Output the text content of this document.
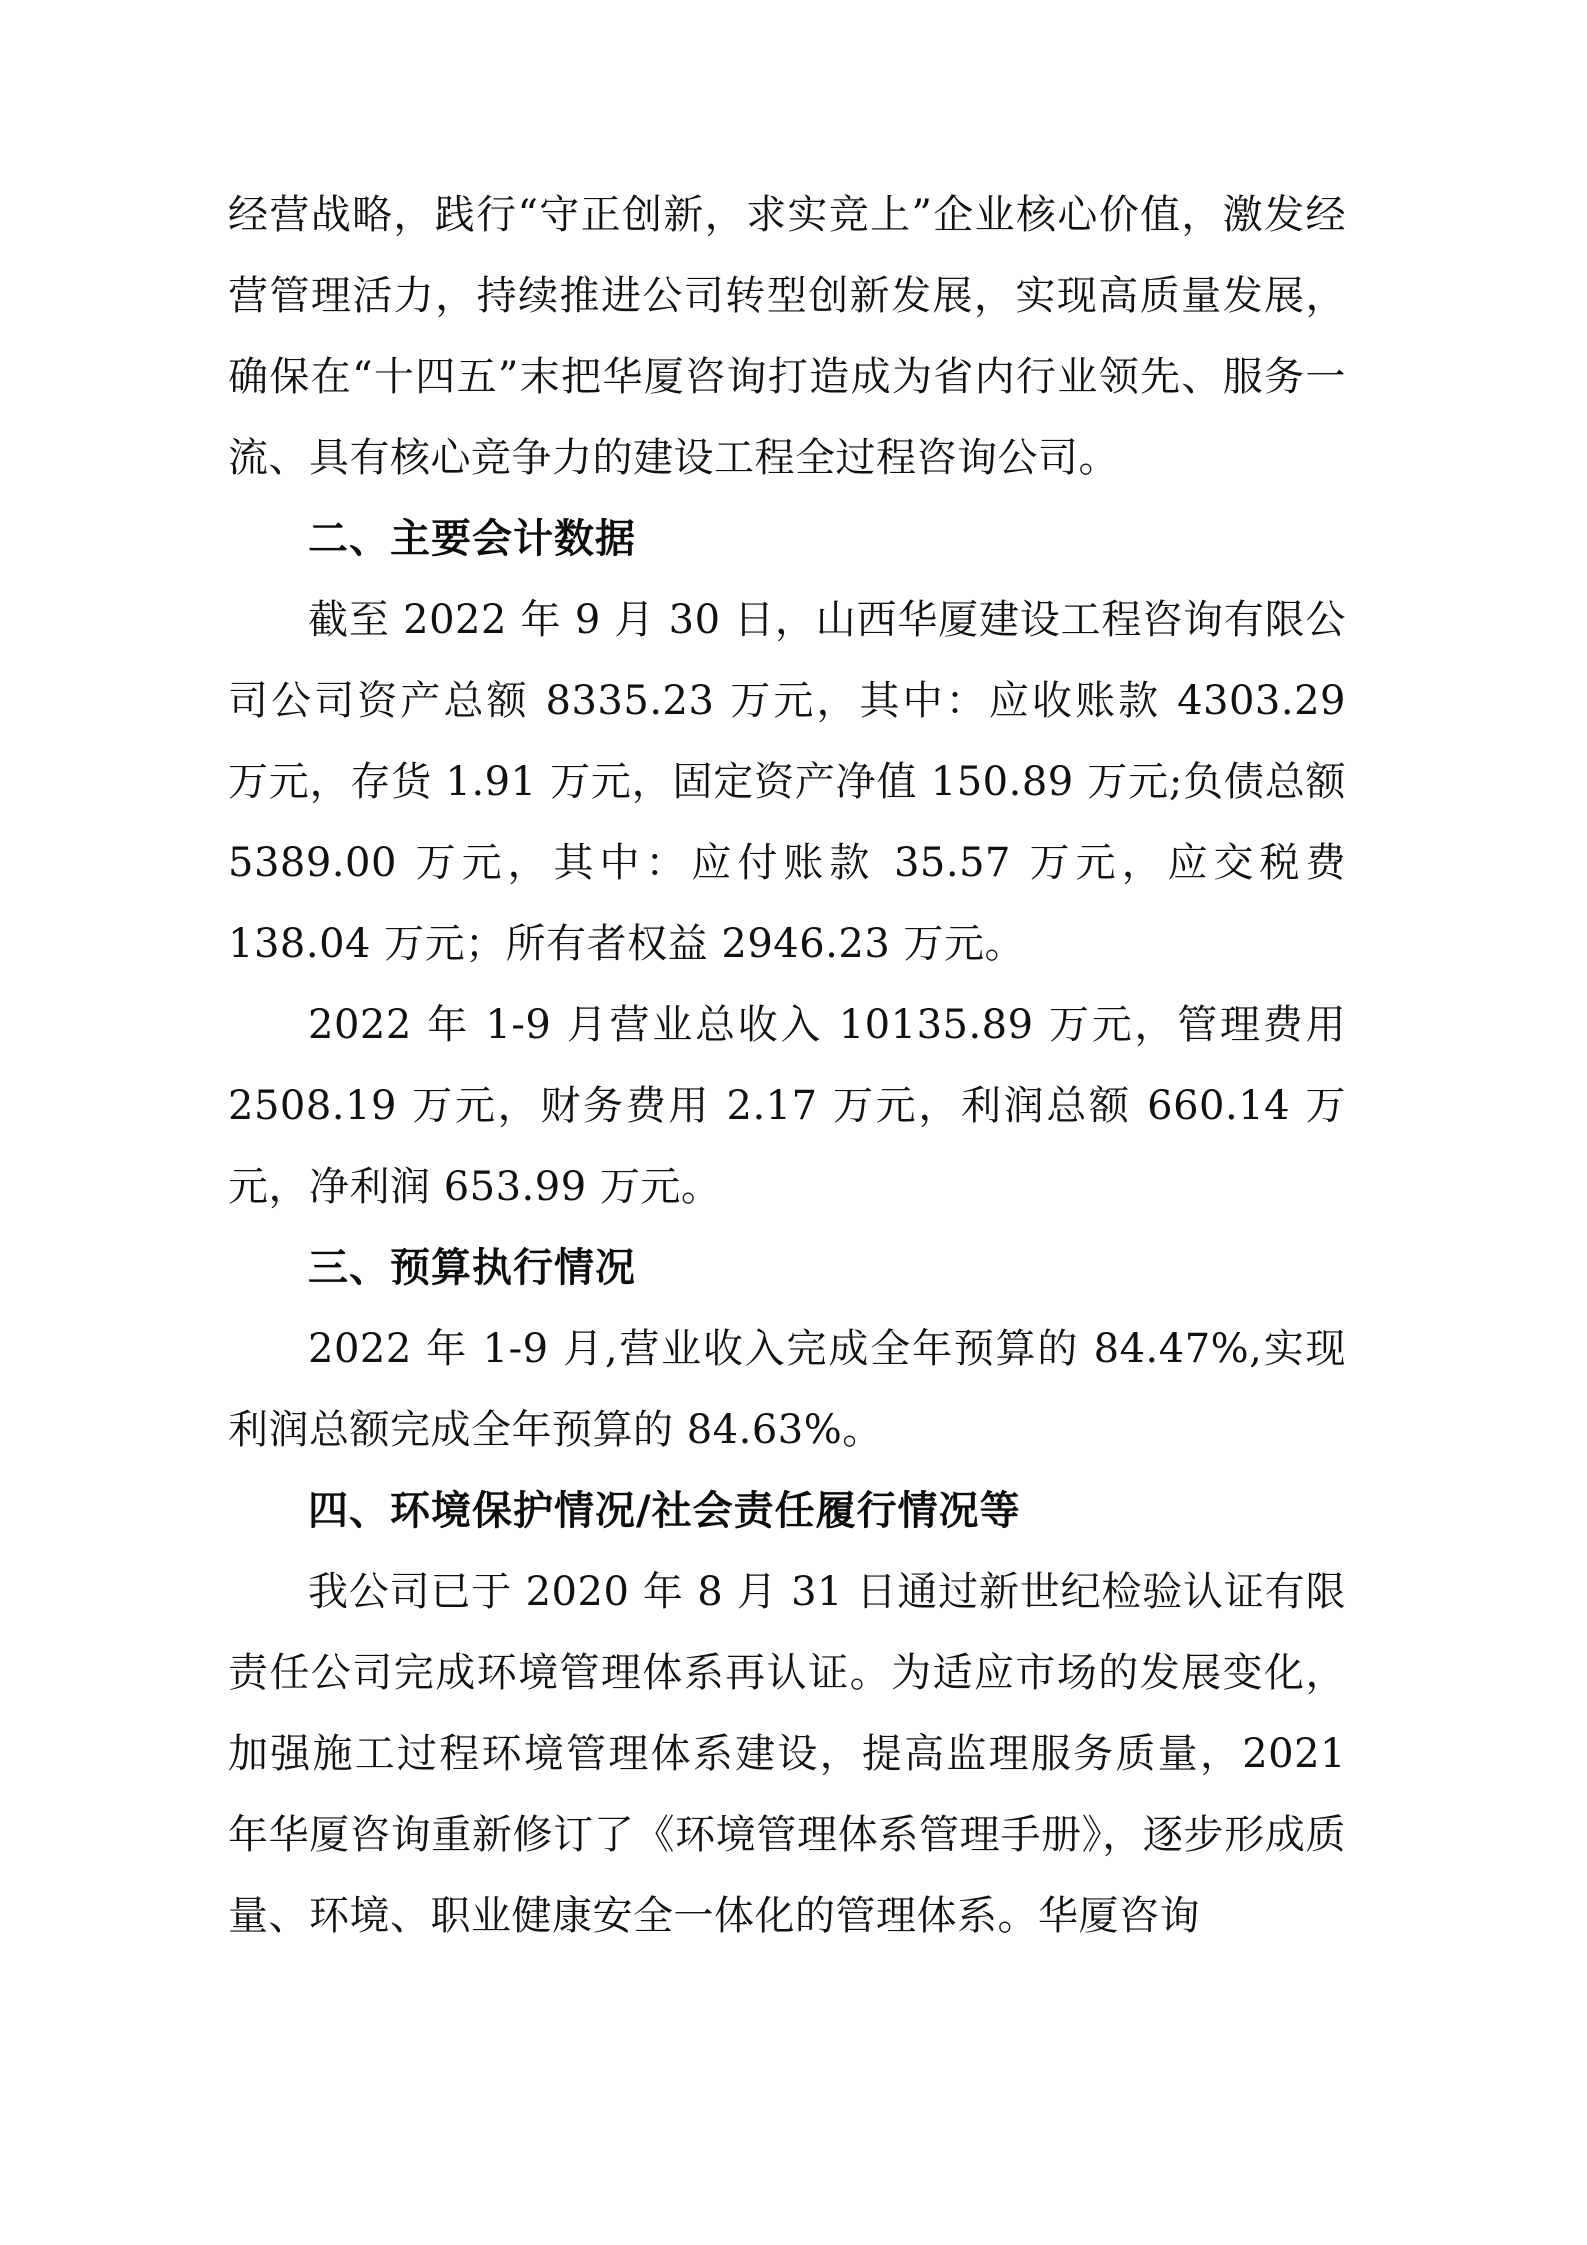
经营战略，践行“守正创新，求实竞上”企业核心价值，激发经营管理活力，持续推进公司转型创新发展，实现高质量发展，确保在“十四五”末把华厦咨询打造成为省内行业领先、服务一流、具有核心竞争力的建设工程全过程咨询公司。

二、主要会计数据

截至 2022 年 9 月 30 日，山西华厦建设工程咨询有限公司公司资产总额 8335.23 万元，其中：应收账款 4303.29 万元，存货 1.91 万元，固定资产净值 150.89 万元;负债总额 5389.00 万元，其中：应付账款 35.57 万元，应交税费 138.04 万元；所有者权益 2946.23 万元。

2022 年 1-9 月营业总收入 10135.89 万元，管理费用 2508.19 万元，财务费用 2.17 万元，利润总额 660.14 万元，净利润 653.99 万元。

三、预算执行情况

2022 年 1-9 月,营业收入完成全年预算的 84.47%,实现利润总额完成全年预算的 84.63%。

四、环境保护情况/社会责任履行情况等

我公司已于 2020 年 8 月 31 日通过新世纪检验认证有限责任公司完成环境管理体系再认证。为适应市场的发展变化，加强施工过程环境管理体系建设，提高监理服务质量，2021 年华厦咨询重新修订了《环境管理体系管理手册》，逐步形成质量、环境、职业健康安全一体化的管理体系。华厦咨询
